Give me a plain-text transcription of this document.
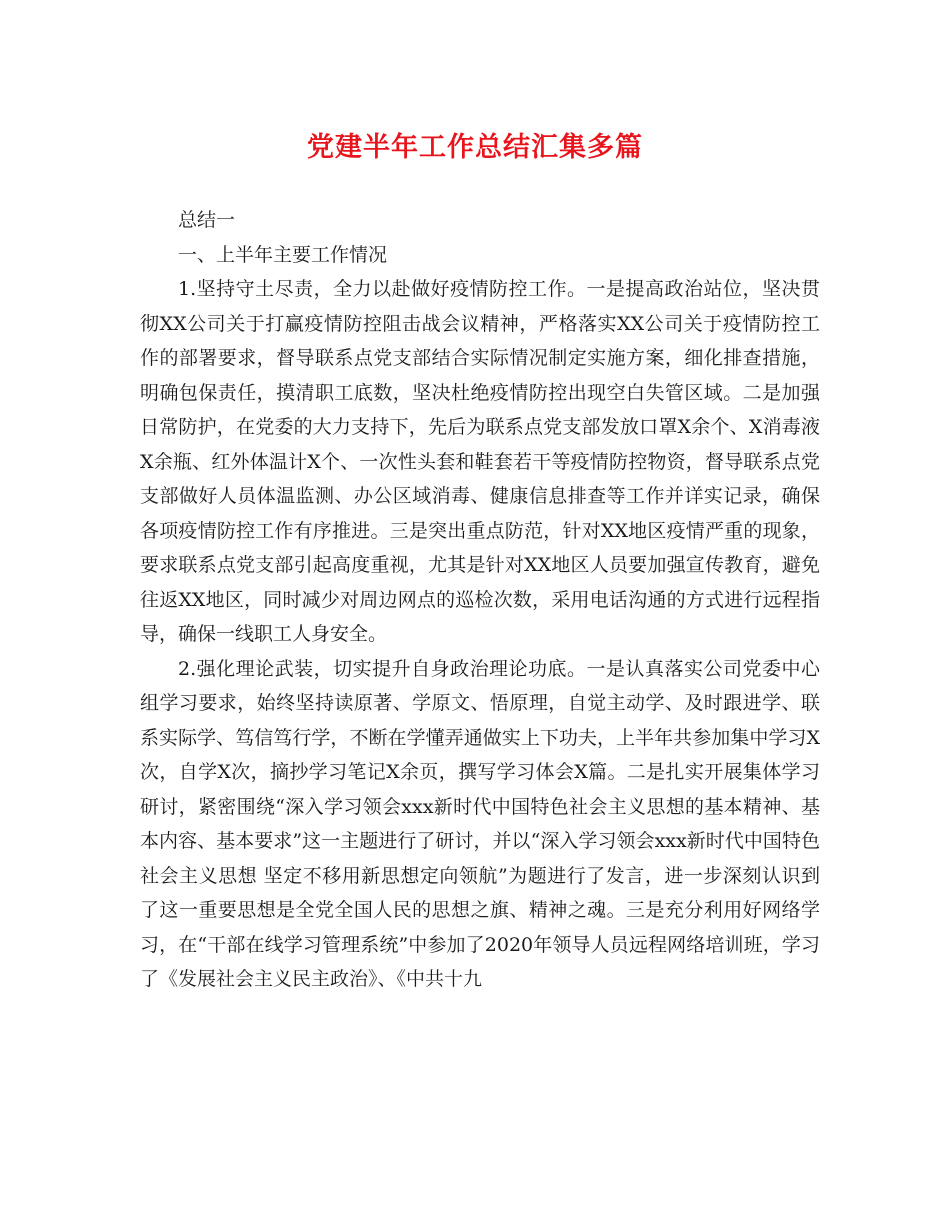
党建半年工作总结汇集多篇

总结一

一、上半年主要工作情况

1.坚持守土尽责，全力以赴做好疫情防控工作。一是提高政治站位，坚决贯彻XX公司关于打赢疫情防控阻击战会议精神，严格落实XX公司关于疫情防控工作的部署要求，督导联系点党支部结合实际情况制定实施方案，细化排查措施，明确包保责任，摸清职工底数，坚决杜绝疫情防控出现空白失管区域。二是加强日常防护，在党委的大力支持下，先后为联系点党支部发放口罩X余个、X消毒液X余瓶、红外体温计X个、一次性头套和鞋套若干等疫情防控物资，督导联系点党支部做好人员体温监测、办公区域消毒、健康信息排查等工作并详实记录，确保各项疫情防控工作有序推进。三是突出重点防范，针对XX地区疫情严重的现象，要求联系点党支部引起高度重视，尤其是针对XX地区人员要加强宣传教育，避免往返XX地区，同时减少对周边网点的巡检次数，采用电话沟通的方式进行远程指导，确保一线职工人身安全。

2.强化理论武装，切实提升自身政治理论功底。一是认真落实公司党委中心组学习要求，始终坚持读原著、学原文、悟原理，自觉主动学、及时跟进学、联系实际学、笃信笃行学，不断在学懂弄通做实上下功夫，上半年共参加集中学习X次，自学X次，摘抄学习笔记X余页，撰写学习体会X篇。二是扎实开展集体学习研讨，紧密围绕“深入学习领会xxx新时代中国特色社会主义思想的基本精神、基本内容、基本要求”这一主题进行了研讨，并以“深入学习领会xxx新时代中国特色社会主义思想 坚定不移用新思想定向领航”为题进行了发言，进一步深刻认识到了这一重要思想是全党全国人民的思想之旗、精神之魂。三是充分利用好网络学习，在“干部在线学习管理系统”中参加了2020年领导人员远程网络培训班，学习了《发展社会主义民主政治》、《中共十九
